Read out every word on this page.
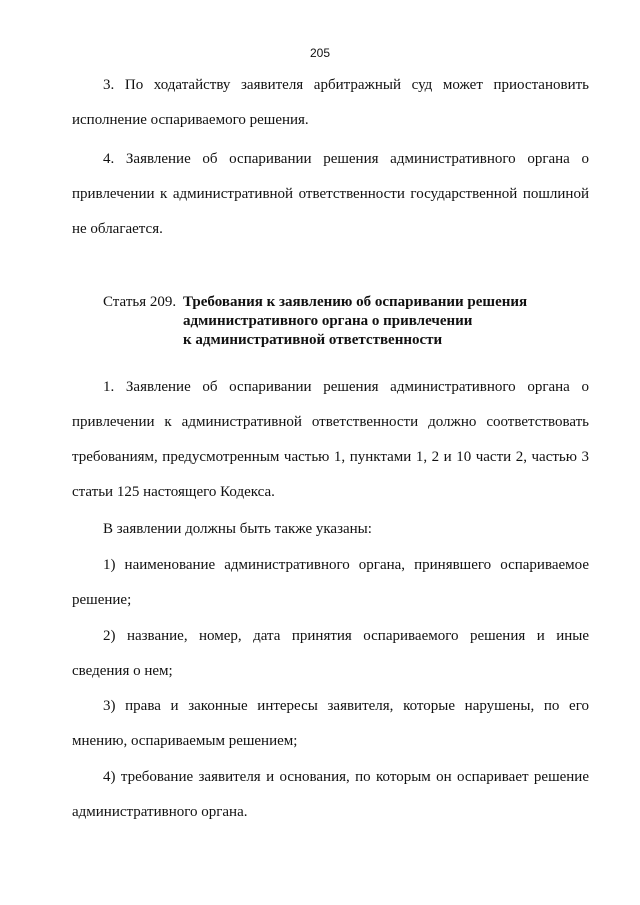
205
3. По ходатайству заявителя арбитражный суд может приостановить
исполнение оспариваемого решения.
4. Заявление об оспаривании решения административного органа о
привлечении к административной ответственности государственной пошлиной
не облагается.
Статья 209. Требования к заявлению об оспаривании решения
административного органа о привлечении
к административной ответственности
1. Заявление об оспаривании решения административного органа о
привлечении к административной ответственности должно соответствовать
требованиям, предусмотренным частью 1, пунктами 1, 2 и 10 части 2, частью 3
статьи 125 настоящего Кодекса.
В заявлении должны быть также указаны:
1) наименование административного органа, принявшего оспариваемое
решение;
2) название, номер, дата принятия оспариваемого решения и иные
сведения о нем;
3) права и законные интересы заявителя, которые нарушены, по его
мнению, оспариваемым решением;
4) требование заявителя и основания, по которым он оспаривает решение
административного органа.
